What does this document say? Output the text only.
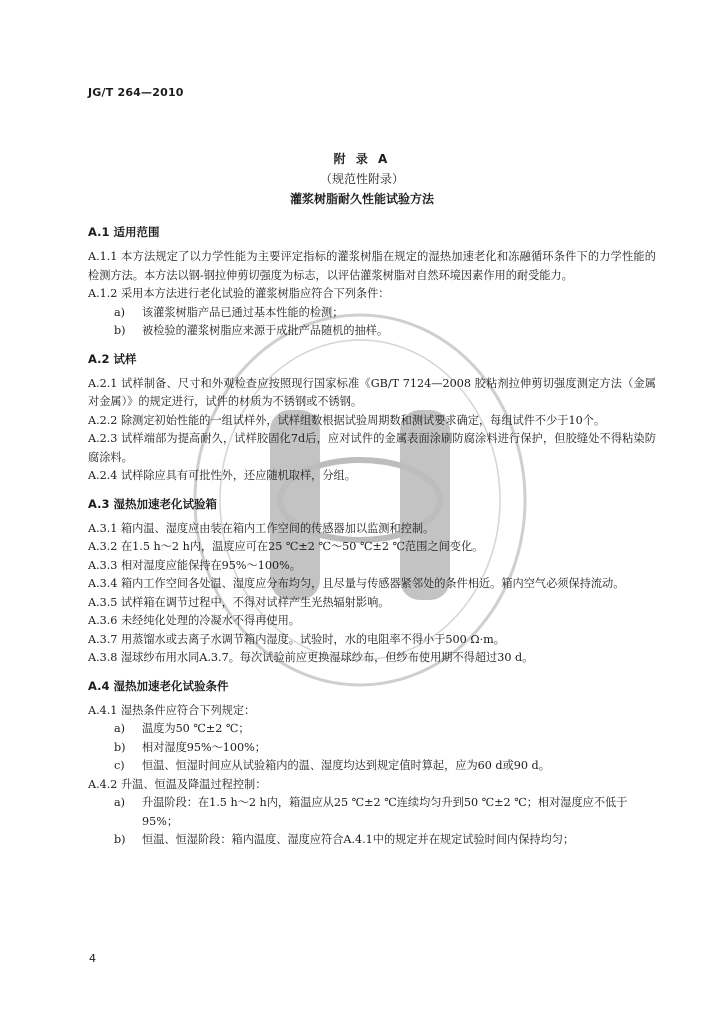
JG/T 264—2010
附 录 A
（规范性附录）
灌浆树脂耐久性能试验方法
A.1 适用范围

A.1.1 本方法规定了以力学性能为主要评定指标的灌浆树脂在规定的湿热加速老化和冻融循环条件下的力学性能的检测方法。本方法以钢-钢拉伸剪切强度为标志，以评估灌浆树脂对自然环境因素作用的耐受能力。

A.1.2 采用本方法进行老化试验的灌浆树脂应符合下列条件：

a)	该灌浆树脂产品已通过基本性能的检测；
b)	被检验的灌浆树脂应来源于成批产品随机的抽样。
A.2 试样

A.2.1 试样制备、尺寸和外观检查应按照现行国家标准《GB/T 7124—2008 胶粘剂拉伸剪切强度测定方法（金属对金属）》的规定进行，试件的材质为不锈钢或不锈钢。

A.2.2 除测定初始性能的一组试样外，试样组数根据试验周期数和测试要求确定，每组试件不少于10个。

A.2.3 试样端部为提高耐久，试样胶固化7d后，应对试件的金属表面涂刷防腐涂料进行保护，但胶缝处不得粘染防腐涂料。

A.2.4 试样除应具有可批性外，还应随机取样，分组。

A.3 湿热加速老化试验箱

A.3.1 箱内温、湿度应由装在箱内工作空间的传感器加以监测和控制。

A.3.2 在1.5 h～2 h内，温度应可在25 ℃±2 ℃～50 ℃±2 ℃范围之间变化。

A.3.3 相对湿度应能保持在95%～100%。

A.3.4 箱内工作空间各处温、湿度应分布均匀，且尽量与传感器紧邻处的条件相近。箱内空气必须保持流动。

A.3.5 试样箱在调节过程中，不得对试样产生光热辐射影响。

A.3.6 未经纯化处理的冷凝水不得再使用。

A.3.7 用蒸馏水或去离子水调节箱内湿度。试验时，水的电阻率不得小于500 Ω·m。

A.3.8 湿球纱布用水同A.3.7。每次试验前应更换湿球纱布，但纱布使用期不得超过30 d。

A.4 湿热加速老化试验条件

A.4.1 湿热条件应符合下列规定：

a)	温度为50 ℃±2 ℃；
b)	相对湿度95%～100%；
c)	恒温、恒湿时间应从试验箱内的温、湿度均达到规定值时算起，应为60 d或90 d。

A.4.2 升温、恒温及降温过程控制：

a)	升温阶段：在1.5 h～2 h内，箱温应从25 ℃±2 ℃连续均匀升到50 ℃±2 ℃；相对湿度应不低于95%；
b)	恒温、恒湿阶段：箱内温度、湿度应符合A.4.1中的规定并在规定试验时间内保持均匀；
4
